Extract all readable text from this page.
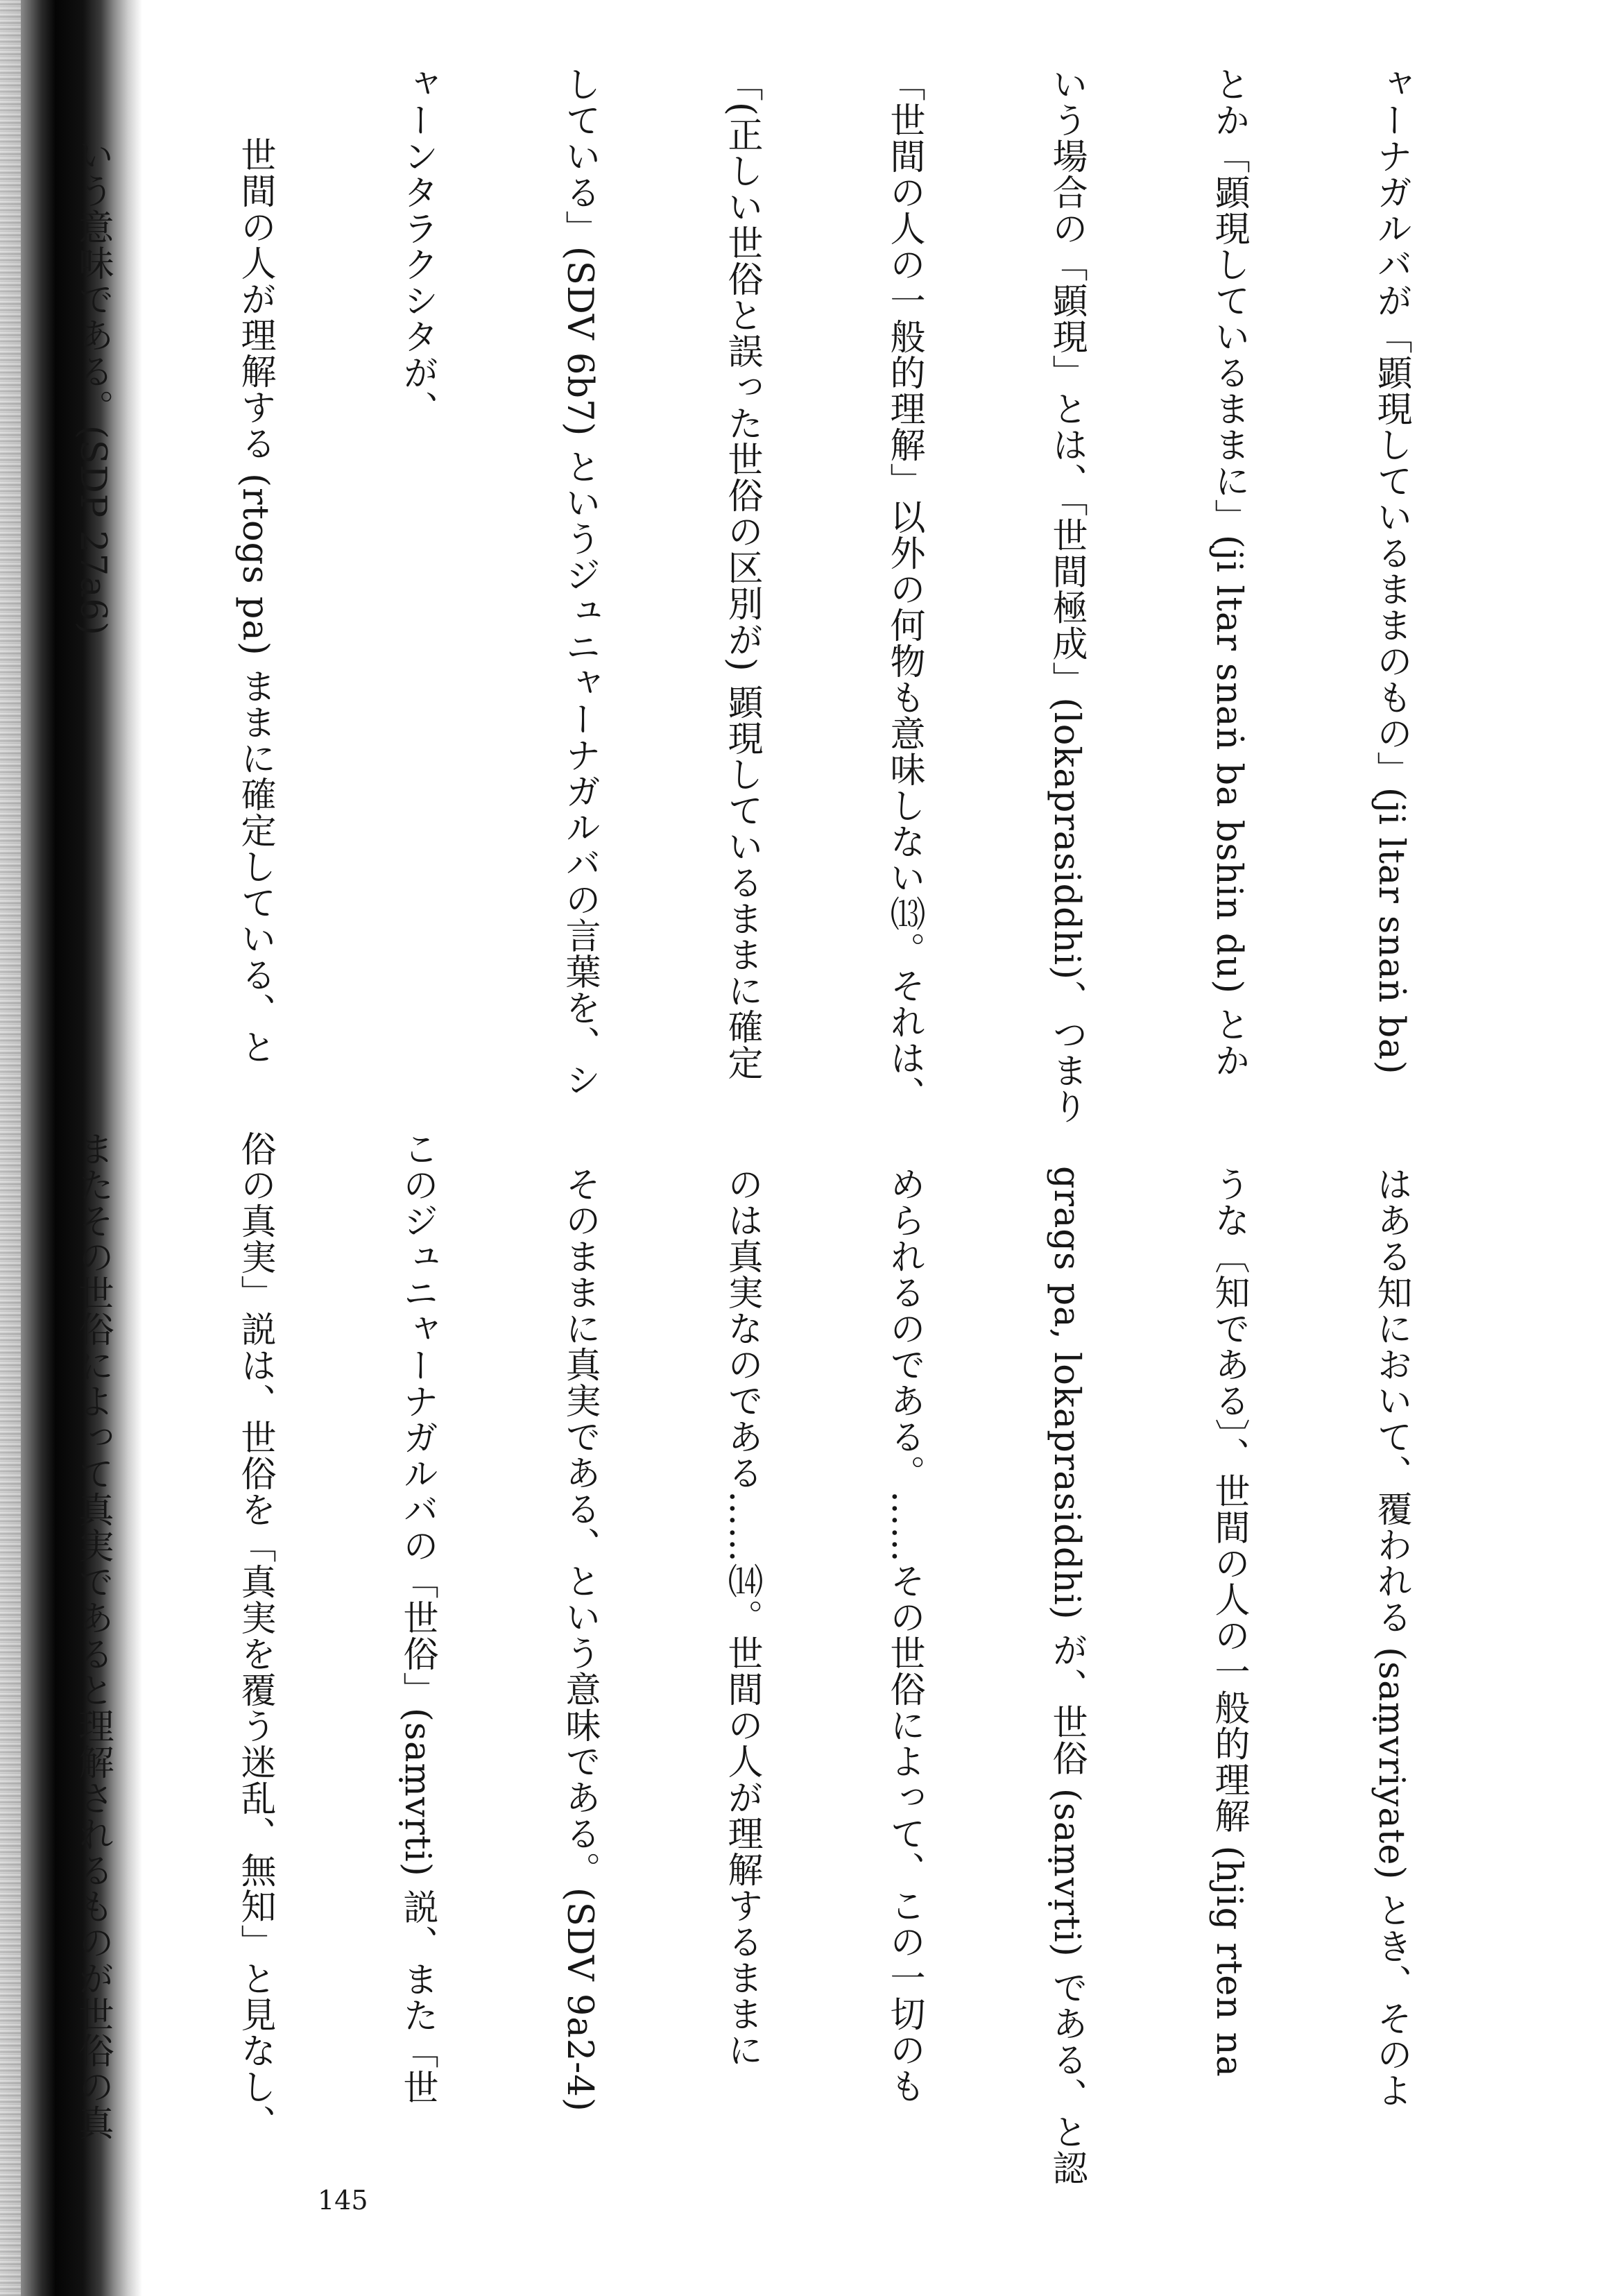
ャーナガルバが「顕現しているままのもの」(ji ltar snaṅ ba)

とか「顕現しているままに」(ji ltar snaṅ ba bshin du) とか

いう場合の「顕現」とは、「世間極成」(lokaprasiddhi)、つまり

「世間の人の一般的理解」以外の何物も意味しない⒀。それは、

「(正しい世俗と誤った世俗の区別が) 顕現しているままに確定

している」(SDV 6b7) というジュニャーナガルバの言葉を、シ

ャーンタラクシタが、

世間の人が理解する (rtogs pa) ままに確定している、と

いう意味である。(SDP 27a6)

はある知において、覆われる (saṃvriyate) とき、そのよ

うな〔知である〕、世間の人の一般的理解 (hjig rten na

grags pa, lokaprasiddhi) が、世俗 (saṃvṛti) である、と認

められるのである。……その世俗によって、この一切のも

のは真実なのである……⒁。世間の人が理解するままに

そのままに真実である、という意味である。(SDV 9a2-4)

このジュニャーナガルバの「世俗」(saṃvṛti) 説、また「世

俗の真実」説は、世俗を「真実を覆う迷乱、無知」と見なし、

またその世俗によって真実であると理解されるものが世俗の真

145
